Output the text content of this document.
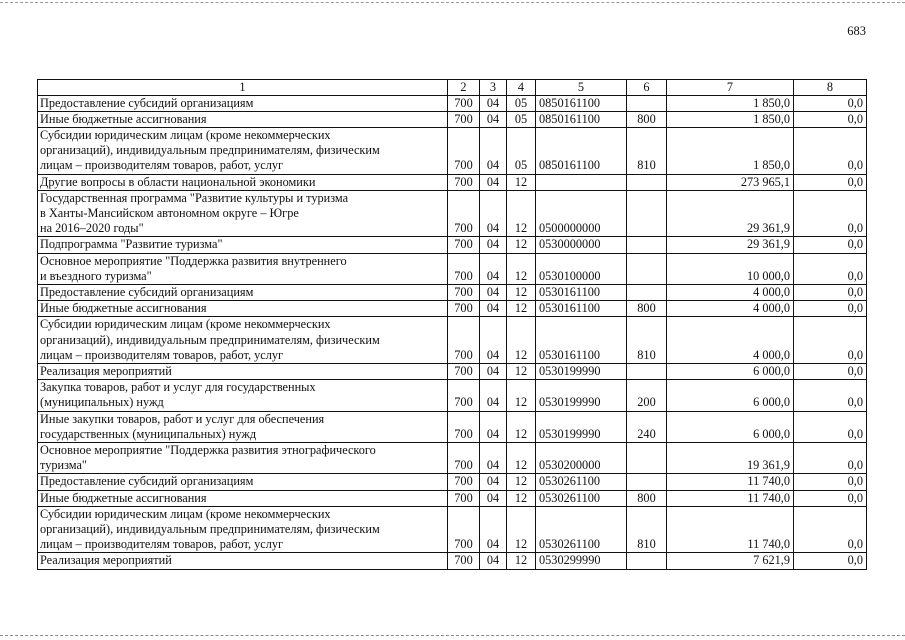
683
1	2	3	4	5	6	7	8
Предоставление субсидий организациям	700	04	05	0850161100		1 850,0	0,0
Иные бюджетные ассигнования	700	04	05	0850161100	800	1 850,0	0,0
Субсидии юридическим лицам (кроме некоммерческих
организаций), индивидуальным предпринимателям, физическим
лицам – производителям товаров, работ, услуг	700	04	05	0850161100	810	1 850,0	0,0
Другие вопросы в области национальной экономики	700	04	12			273 965,1	0,0
Государственная программа "Развитие культуры и туризма
в Ханты-Мансийском автономном округе – Югре
на 2016–2020 годы"	700	04	12	0500000000		29 361,9	0,0
Подпрограмма "Развитие туризма"	700	04	12	0530000000		29 361,9	0,0
Основное мероприятие "Поддержка развития внутреннего
и въездного туризма"	700	04	12	0530100000		10 000,0	0,0
Предоставление субсидий организациям	700	04	12	0530161100		4 000,0	0,0
Иные бюджетные ассигнования	700	04	12	0530161100	800	4 000,0	0,0
Субсидии юридическим лицам (кроме некоммерческих
организаций), индивидуальным предпринимателям, физическим
лицам – производителям товаров, работ, услуг	700	04	12	0530161100	810	4 000,0	0,0
Реализация мероприятий	700	04	12	0530199990		6 000,0	0,0
Закупка товаров, работ и услуг для государственных
(муниципальных) нужд	700	04	12	0530199990	200	6 000,0	0,0
Иные закупки товаров, работ и услуг для обеспечения
государственных (муниципальных) нужд	700	04	12	0530199990	240	6 000,0	0,0
Основное мероприятие "Поддержка развития этнографического
туризма"	700	04	12	0530200000		19 361,9	0,0
Предоставление субсидий организациям	700	04	12	0530261100		11 740,0	0,0
Иные бюджетные ассигнования	700	04	12	0530261100	800	11 740,0	0,0
Субсидии юридическим лицам (кроме некоммерческих
организаций), индивидуальным предпринимателям, физическим
лицам – производителям товаров, работ, услуг	700	04	12	0530261100	810	11 740,0	0,0
Реализация мероприятий	700	04	12	0530299990		7 621,9	0,0
